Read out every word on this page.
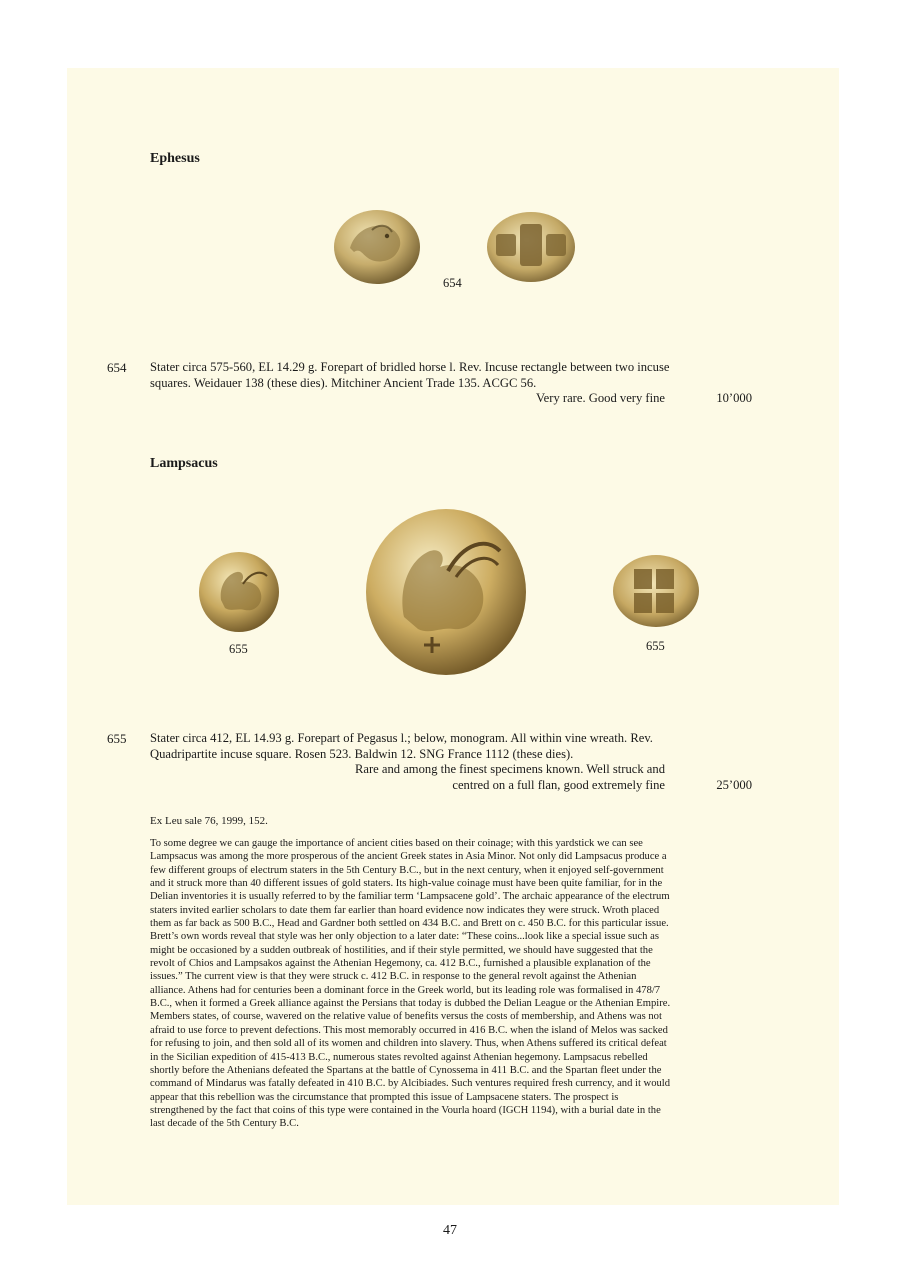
Ephesus
654
654 Stater circa 575-560, EL 14.29 g. Forepart of bridled horse l. Rev. Incuse rectangle between two incuse
squares. Weidauer 138 (these dies). Mitchiner Ancient Trade 135. ACGC 56.
Very rare. Good very fine	10’000
Lampsacus
655	655
655 Stater circa 412, EL 14.93 g. Forepart of Pegasus l.; below, monogram. All within vine wreath. Rev.
Quadripartite incuse square. Rosen 523. Baldwin 12. SNG France 1112 (these dies).
Rare and among the finest specimens known. Well struck and
centred on a full flan, good extremely fine	25’000
Ex Leu sale 76, 1999, 152.
To some degree we can gauge the importance of ancient cities based on their coinage; with this yardstick we can see
Lampsacus was among the more prosperous of the ancient Greek states in Asia Minor. Not only did Lampsacus produce a
few different groups of electrum staters in the 5th Century B.C., but in the next century, when it enjoyed self-government
and it struck more than 40 different issues of gold staters. Its high-value coinage must have been quite familiar, for in the
Delian inventories it is usually referred to by the familiar term ‘Lampsacene gold’. The archaic appearance of the electrum
staters invited earlier scholars to date them far earlier than hoard evidence now indicates they were struck. Wroth placed
them as far back as 500 B.C., Head and Gardner both settled on 434 B.C. and Brett on c. 450 B.C. for this particular issue.
Brett’s own words reveal that style was her only objection to a later date: “These coins...look like a special issue such as
might be occasioned by a sudden outbreak of hostilities, and if their style permitted, we should have suggested that the
revolt of Chios and Lampsakos against the Athenian Hegemony, ca. 412 B.C., furnished a plausible explanation of the
issues.” The current view is that they were struck c. 412 B.C. in response to the general revolt against the Athenian
alliance. Athens had for centuries been a dominant force in the Greek world, but its leading role was formalised in 478/7
B.C., when it formed a Greek alliance against the Persians that today is dubbed the Delian League or the Athenian Empire.
Members states, of course, wavered on the relative value of benefits versus the costs of membership, and Athens was not
afraid to use force to prevent defections. This most memorably occurred in 416 B.C. when the island of Melos was sacked
for refusing to join, and then sold all of its women and children into slavery. Thus, when Athens suffered its critical defeat
in the Sicilian expedition of 415-413 B.C., numerous states revolted against Athenian hegemony. Lampsacus rebelled
shortly before the Athenians defeated the Spartans at the battle of Cynossema in 411 B.C. and the Spartan fleet under the
command of Mindarus was fatally defeated in 410 B.C. by Alcibiades. Such ventures required fresh currency, and it would
appear that this rebellion was the circumstance that prompted this issue of Lampsacene staters. The prospect is
strengthened by the fact that coins of this type were contained in the Vourla hoard (IGCH 1194), with a burial date in the
last decade of the 5th Century B.C.
47
